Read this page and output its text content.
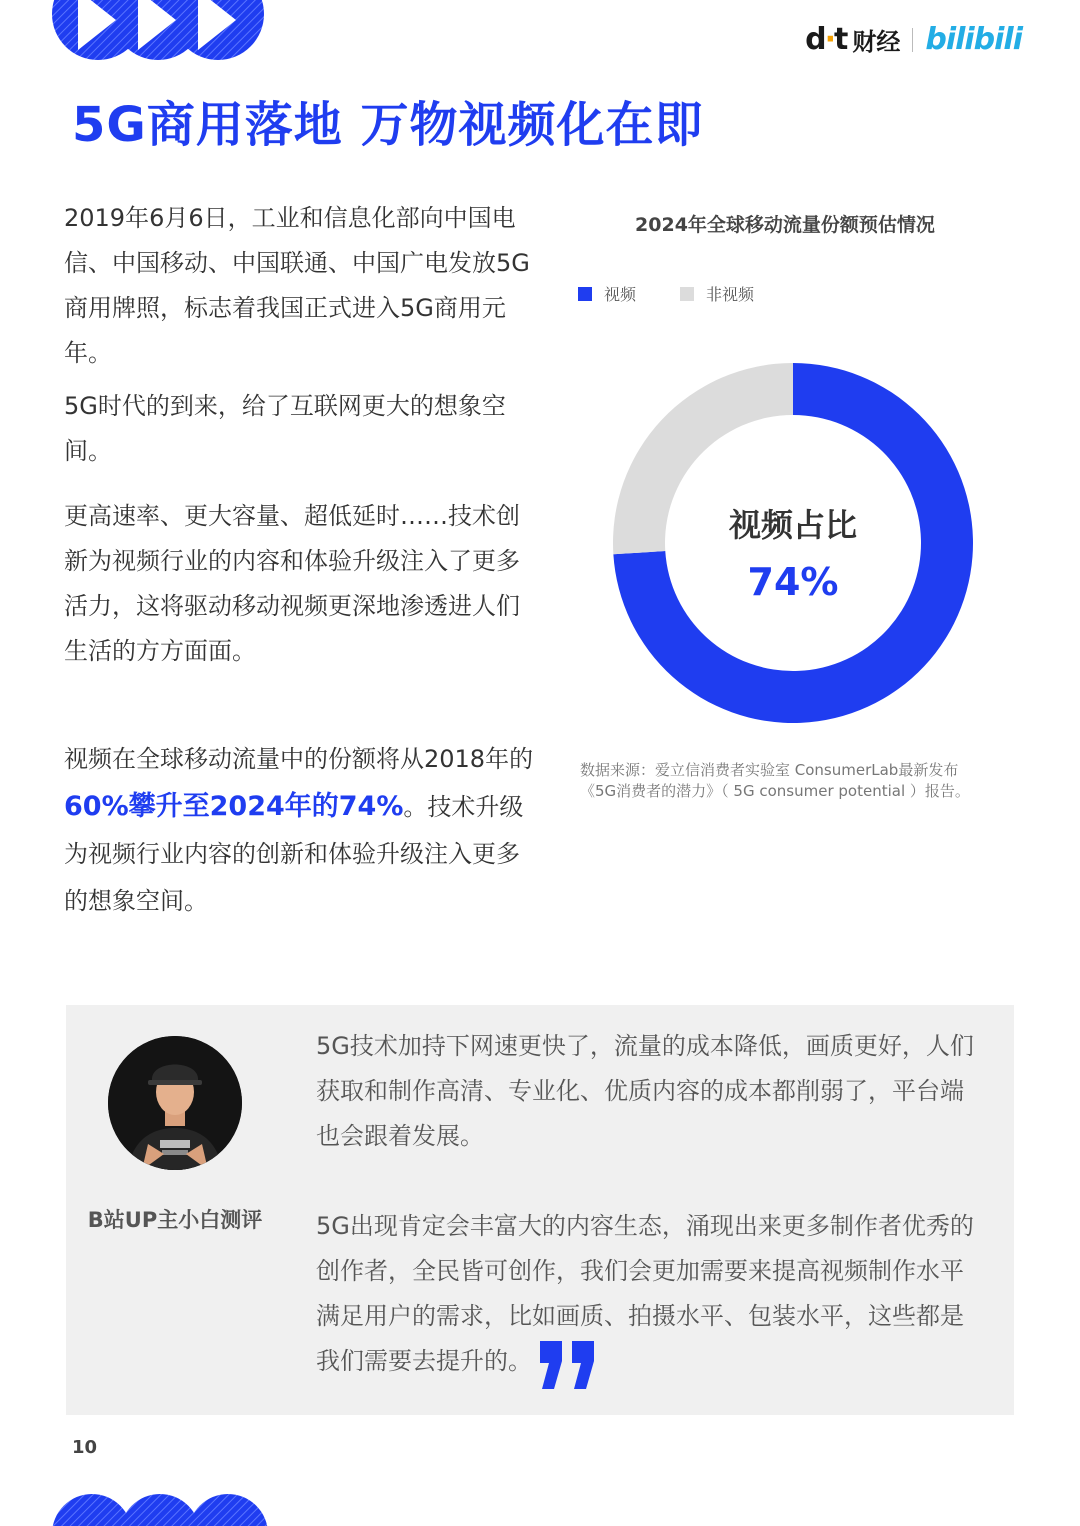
d·t 财经 bilibili
5G商用落地 万物视频化在即

2019年6月6日，工业和信息化部向中国电信、中国移动、中国联通、中国广电发放5G商用牌照，标志着我国正式进入5G商用元年。

5G时代的到来，给了互联网更大的想象空间。

更高速率、更大容量、超低延时……技术创新为视频行业的内容和体验升级注入了更多活力，这将驱动移动视频更深地渗透进人们生活的方方面面。

视频在全球移动流量中的份额将从2018年的60%攀升至2024年的74%。技术升级为视频行业内容的创新和体验升级注入更多的想象空间。

2024年全球移动流量份额预估情况
视频	非视频
视频占比
74%

数据来源：爱立信消费者实验室 ConsumerLab最新发布

《5G消费者的潜力》（ 5G consumer potential ）报告。

B站UP主小白测评

5G技术加持下网速更快了，流量的成本降低，画质更好，人们获取和制作高清、专业化、优质内容的成本都削弱了，平台端也会跟着发展。

5G出现肯定会丰富大的内容生态，涌现出来更多制作者优秀的创作者，全民皆可创作，我们会更加需要来提高视频制作水平满足用户的需求，比如画质、拍摄水平、包装水平，这些都是我们需要去提升的。

10
